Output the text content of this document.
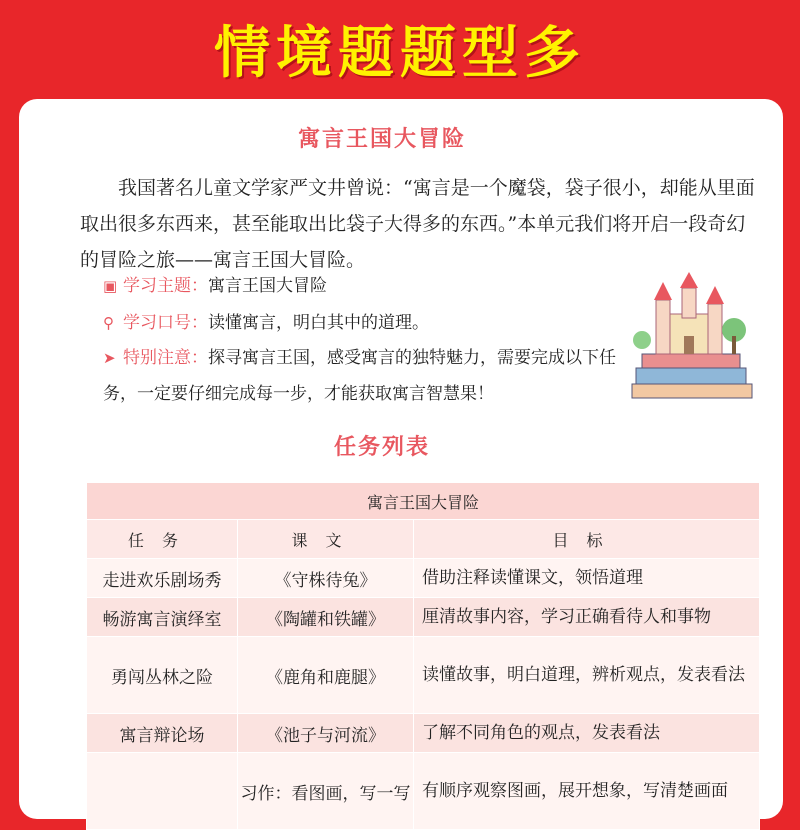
情境题题型多
寓言王国大冒险

我国著名儿童文学家严文井曾说：“寓言是一个魔袋，袋子很小，却能从里面取出很多东西来，甚至能取出比袋子大得多的东西。”本单元我们将开启一段奇幻的冒险之旅——寓言王国大冒险。

▣ 学习主题：寓言王国大冒险
⚲ 学习口号：读懂寓言，明白其中的道理。
➤ 特别注意：探寻寓言王国，感受寓言的独特魅力，需要完成以下任务，一定要仔细完成每一步，才能获取寓言智慧果！
任务列表
寓言王国大冒险		
任务	课文	目标
走进欢乐剧场秀	《守株待兔》	借助注释读懂课文，领悟道理
畅游寓言演绎室	《陶罐和铁罐》	厘清故事内容，学习正确看待人和事物
勇闯丛林之险	《鹿角和鹿腿》	读懂故事，明白道理，辨析观点，发表看法
寓言辩论场	《池子与河流》	了解不同角色的观点，发表看法
	习作：看图画，写一写	有顺序观察图画，展开想象，写清楚画面
